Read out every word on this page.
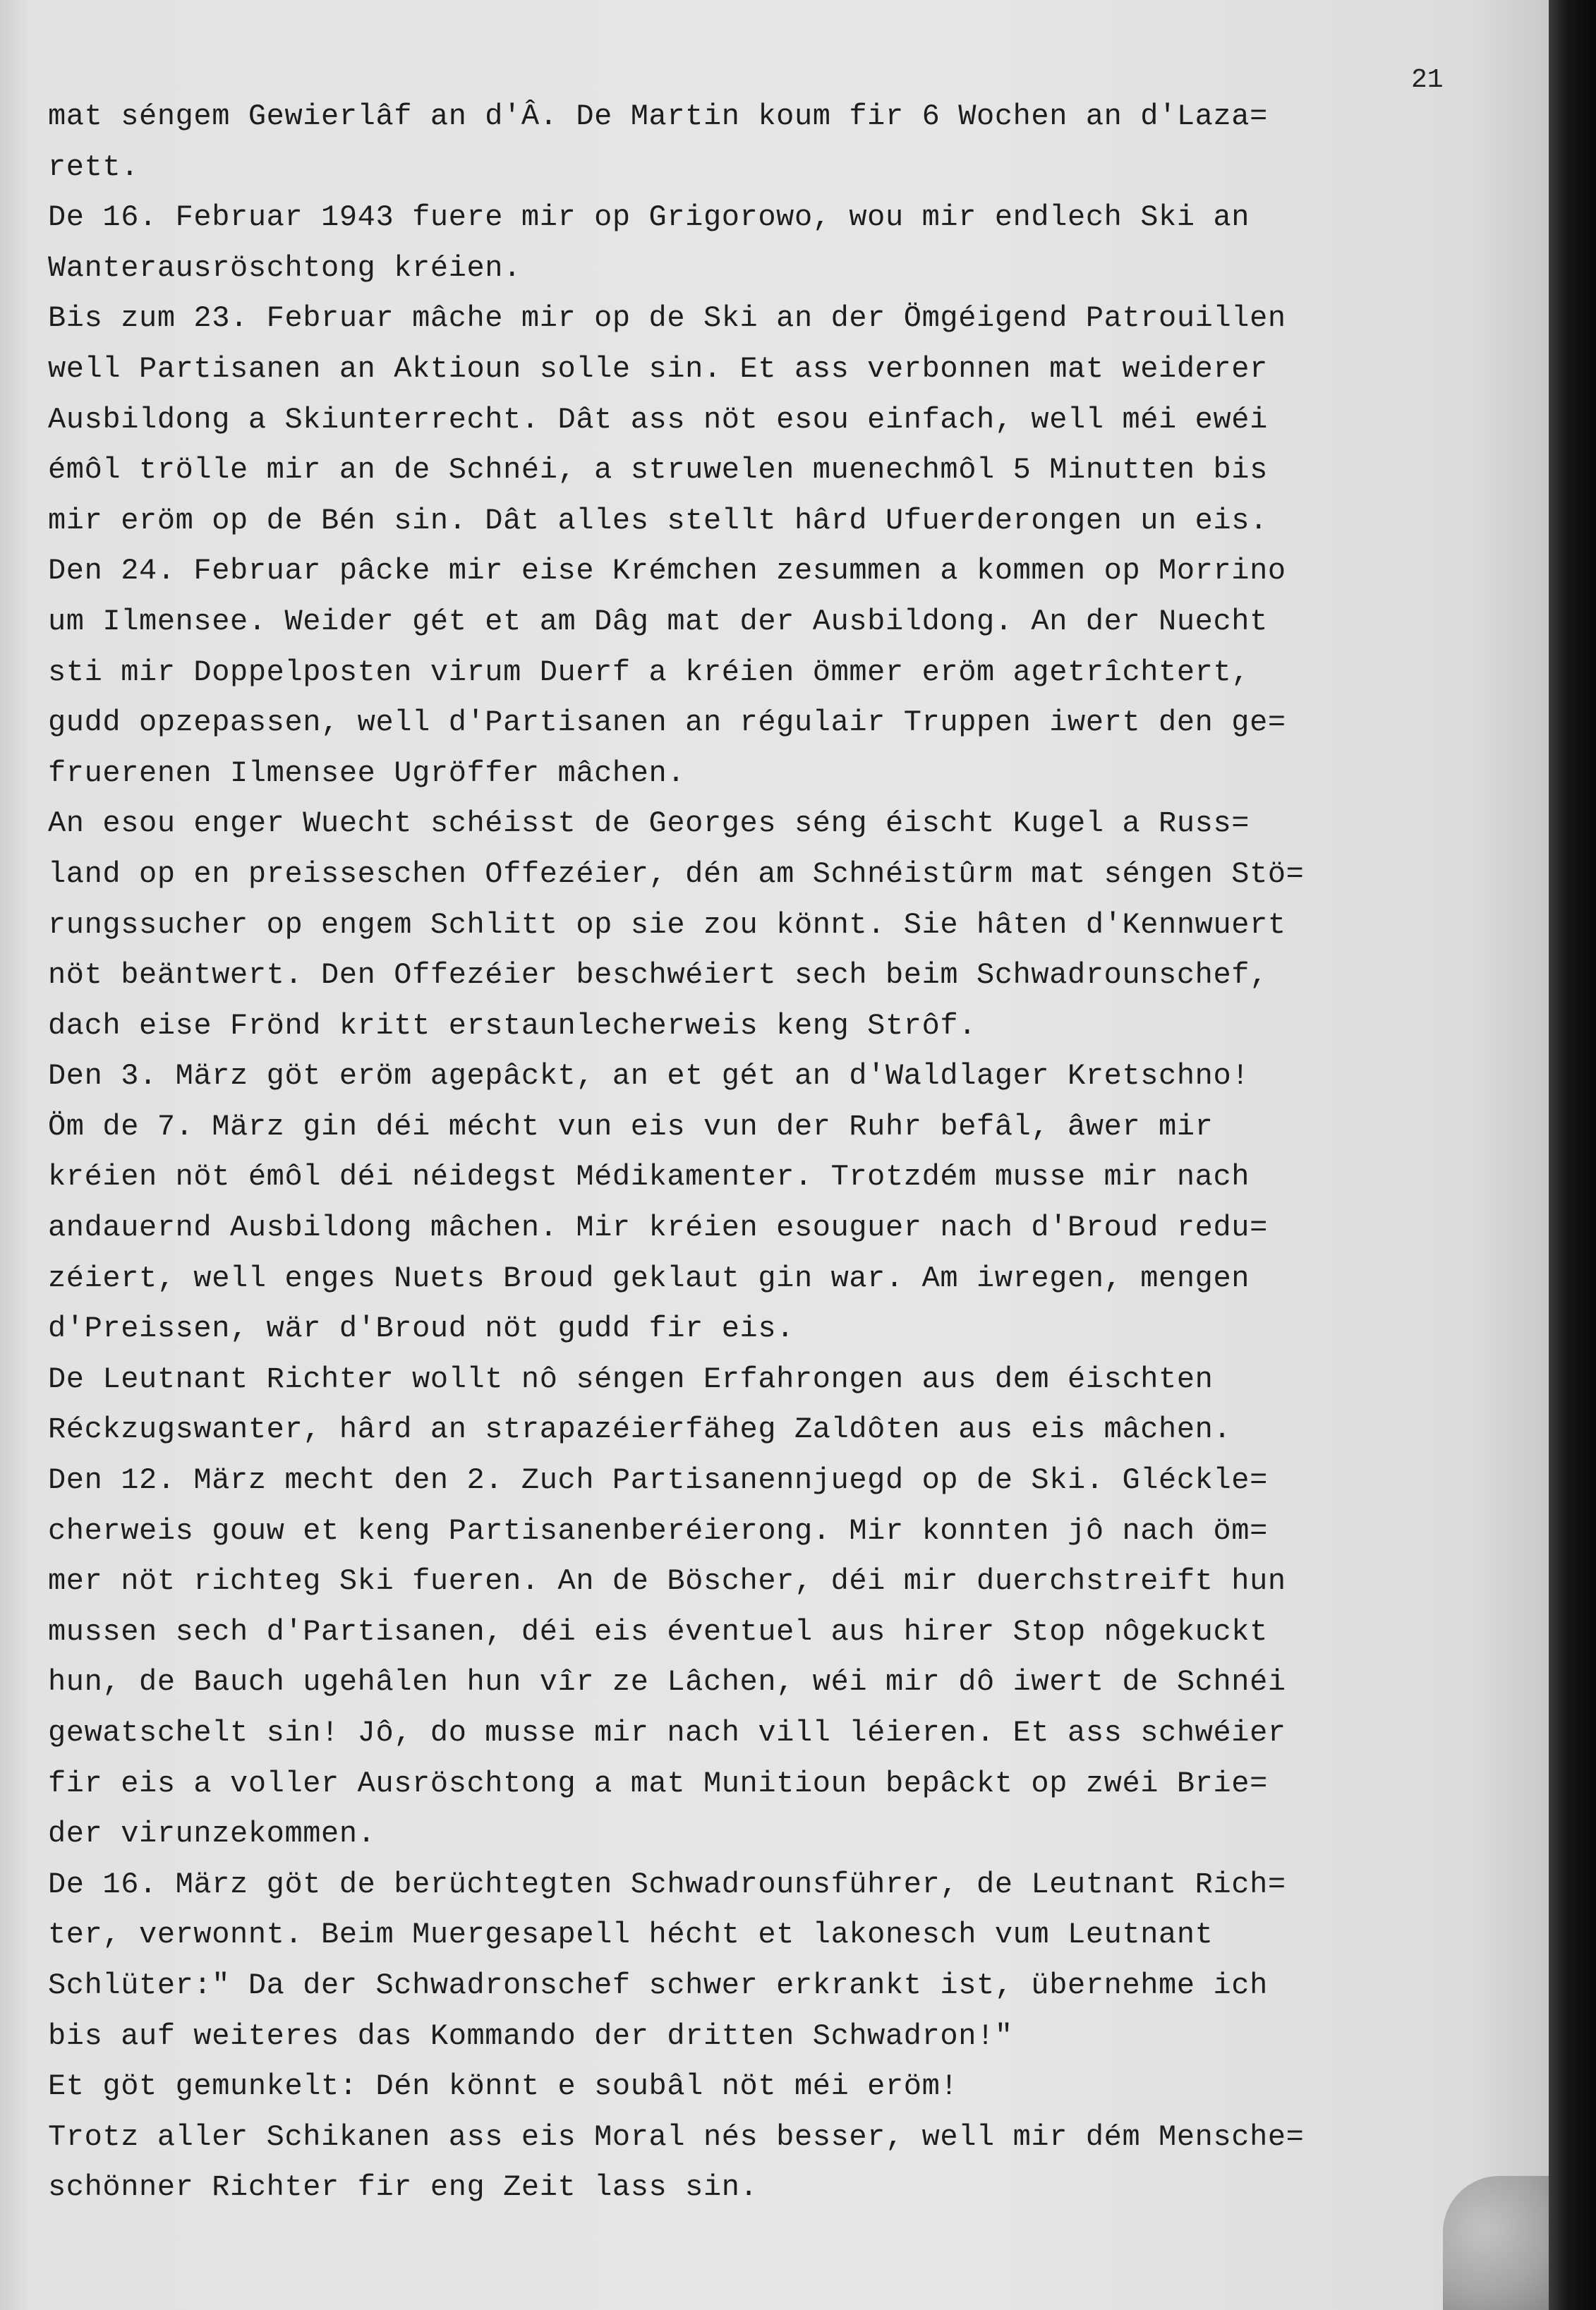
21
mat séngem Gewierlâf an d'Â. De Martin koum fir 6 Wochen an d'Laza=
rett.
De 16. Februar 1943 fuere mir op Grigorowo, wou mir endlech Ski an
Wanterausröschtong kréien.
Bis zum 23. Februar mâche mir op de Ski an der Ömgéigend Patrouillen
well Partisanen an Aktioun solle sin. Et ass verbonnen mat weiderer
Ausbildong a Skiunterrecht. Dât ass nöt esou einfach, well méi ewéi
émôl trölle mir an de Schnéi, a struwelen muenechmôl 5 Minutten bis
mir eröm op de Bén sin. Dât alles stellt hârd Ufuerderongen un eis.
Den 24. Februar pâcke mir eise Krémchen zesummen a kommen op Morrino
um Ilmensee. Weider gét et am Dâg mat der Ausbildong. An der Nuecht
sti mir Doppelposten virum Duerf a kréien ömmer eröm agetrîchtert,
gudd opzepassen, well d'Partisanen an régulair Truppen iwert den ge=
fruerenen Ilmensee Ugröffer mâchen.
An esou enger Wuecht schéisst de Georges séng éischt Kugel a Russ=
land op en preisseschen Offezéier, dén am Schnéistûrm mat séngen Stö=
rungssucher op engem Schlitt op sie zou könnt. Sie hâten d'Kennwuert
nöt beäntwert. Den Offezéier beschwéiert sech beim Schwadrounschef,
dach eise Frönd kritt erstaunlecherweis keng Strôf.
Den 3. März göt eröm agepâckt, an et gét an d'Waldlager Kretschno!
Öm de 7. März gin déi mécht vun eis vun der Ruhr befâl, âwer mir
kréien nöt émôl déi néidegst Médikamenter. Trotzdém musse mir nach
andauernd Ausbildong mâchen. Mir kréien esouguer nach d'Broud redu=
zéiert, well enges Nuets Broud geklaut gin war. Am iwregen, mengen
d'Preissen, wär d'Broud nöt gudd fir eis.
De Leutnant Richter wollt nô séngen Erfahrongen aus dem éischten
Réckzugswanter, hârd an strapazéierfäheg Zaldôten aus eis mâchen.
Den 12. März mecht den 2. Zuch Partisanennjuegd op de Ski. Gléckle=
cherweis gouw et keng Partisanenberéierong. Mir konnten jô nach öm=
mer nöt richteg Ski fueren. An de Böscher, déi mir duerchstreift hun
mussen sech d'Partisanen, déi eis éventuel aus hirer Stop nôgekuckt
hun, de Bauch ugehâlen hun vîr ze Lâchen, wéi mir dô iwert de Schnéi
gewatschelt sin! Jô, do musse mir nach vill léieren. Et ass schwéier
fir eis a voller Ausröschtong a mat Munitioun bepâckt op zwéi Brie=
der virunzekommen.
De 16. März göt de berüchtegten Schwadrounsführer, de Leutnant Rich=
ter, verwonnt. Beim Muergesapell hécht et lakonesch vum Leutnant
Schlüter:" Da der Schwadronschef schwer erkrankt ist, übernehme ich
bis auf weiteres das Kommando der dritten Schwadron!"
Et göt gemunkelt: Dén könnt e soubâl nöt méi eröm!
Trotz aller Schikanen ass eis Moral nés besser, well mir dém Mensche=
schönner Richter fir eng Zeit lass sin.
